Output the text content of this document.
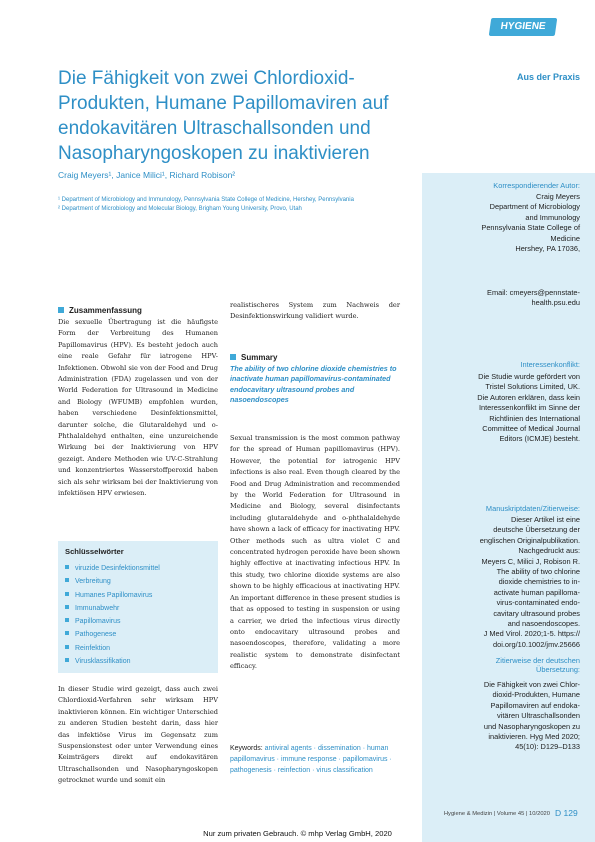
HYGIENE
Aus der Praxis
Die Fähigkeit von zwei Chlordioxid-Produkten, Humane Papillomaviren auf endokavitären Ultraschallsonden und Nasopharyngoskopen zu inaktivieren
Craig Meyers¹, Janice Milici¹, Richard Robison²
¹ Department of Microbiology and Immunology, Pennsylvania State College of Medicine, Hershey, Pennsylvania
² Department of Microbiology and Molecular Biology, Brigham Young University, Provo, Utah
Zusammenfassung
Die sexuelle Übertragung ist die häufigste Form der Verbreitung des Humanen Papillomavirus (HPV). Es besteht jedoch auch eine reale Gefahr für iatrogene HPV-Infektionen. Obwohl sie von der Food and Drug Administration (FDA) zugelassen und von der World Federation for Ultrasound in Medicine and Biology (WFUMB) empfohlen wurden, haben verschiedene Desinfektionsmittel, darunter solche, die Glutaraldehyd und o-Phthalaldehyd enthalten, eine unzureichende Wirkung bei der Inaktivierung von HPV gezeigt. Andere Methoden wie UV-C-Strahlung und konzentriertes Wasserstoffperoxid haben sich als sehr wirksam bei der Inaktivierung von infektiösen HPV erwiesen.
Schlüsselwörter
viruzide Desinfektionsmittel
Verbreitung
Humanes Papillomavirus
Immunabwehr
Papillomavirus
Pathogenese
Reinfektion
Virusklassifikation
In dieser Studie wird gezeigt, dass auch zwei Chlordioxid-Verfahren sehr wirksam HPV inaktivieren können. Ein wichtiger Unterschied zu anderen Studien besteht darin, dass hier das infektiöse Virus im Gegensatz zum Suspensionstest oder unter Verwendung eines Keimträgers direkt auf endokavitären Ultraschallsonden und Nasopharyngoskopen getrocknet wurde und somit ein
realistischeres System zum Nachweis der Desinfektionswirkung validiert wurde.
Summary
The ability of two chlorine dioxide chemistries to inactivate human papillomavirus-contaminated endocavitary ultrasound probes and nasoendoscopes
Sexual transmission is the most common pathway for the spread of Human papillomavirus (HPV). However, the potential for iatrogenic HPV infections is also real. Even though cleared by the Food and Drug Administration and recommended by the World Federation for Ultrasound in Medicine and Biology, several disinfectants including glutaraldehyde and o-phthalaldehyde have shown a lack of efficacy for inactivating HPV. Other methods such as ultra violet C and concentrated hydrogen peroxide have been shown highly effective at inactivating infectious HPV. In this study, two chlorine dioxide systems are also shown to be highly efficacious at inactivating HPV. An important difference in these present studies is that as opposed to testing in suspension or using a carrier, we dried the infectious virus directly onto endocavitary ultrasound probes and nasoendoscopes, therefore, validating a more realistic system to demonstrate disinfectant efficacy.
Keywords: antiviral agents · dissemination · human papillomavirus · immune response · papillomavirus · pathogenesis · reinfection · virus classification
Korrespondierender Autor:
Craig Meyers
Department of Microbiology
and Immunology
Pennsylvania State College of
Medicine
Hershey, PA 17036,
Email: cmeyers@pennstate-
health.psu.edu
Interessenkonflikt:
Die Studie wurde gefördert von
Tristel Solutions Limited, UK.
Die Autoren erklären, dass kein
Interessenkonflikt im Sinne der
Richtlinien des International
Committee of Medical Journal
Editors (ICMJE) besteht.
Manuskriptdaten/Zitierweise:
Dieser Artikel ist eine
deutsche Übersetzung der
englischen Originalpublikation.
Nachgedruckt aus:
Meyers C, Milici J, Robison R.
The ability of two chlorine
dioxide chemistries to in-
activate human papilloma-
virus-contaminated endo-
cavitary ultrasound probes
and nasoendoscopes.
J Med Virol. 2020;1-5. https://
doi.org/10.1002/jmv.25666
Zitierweise der deutschen
Übersetzung:
Die Fähigkeit von zwei Chlor-
dioxid-Produkten, Humane
Papillomaviren auf endoka-
vitären Ultraschallsonden
und Nasopharyngoskopen zu
inaktivieren. Hyg Med 2020;
45(10): D129–D133
Hygiene & Medizin | Volume 45 | 10/2020 D 129
Nur zum privaten Gebrauch. © mhp Verlag GmbH, 2020
